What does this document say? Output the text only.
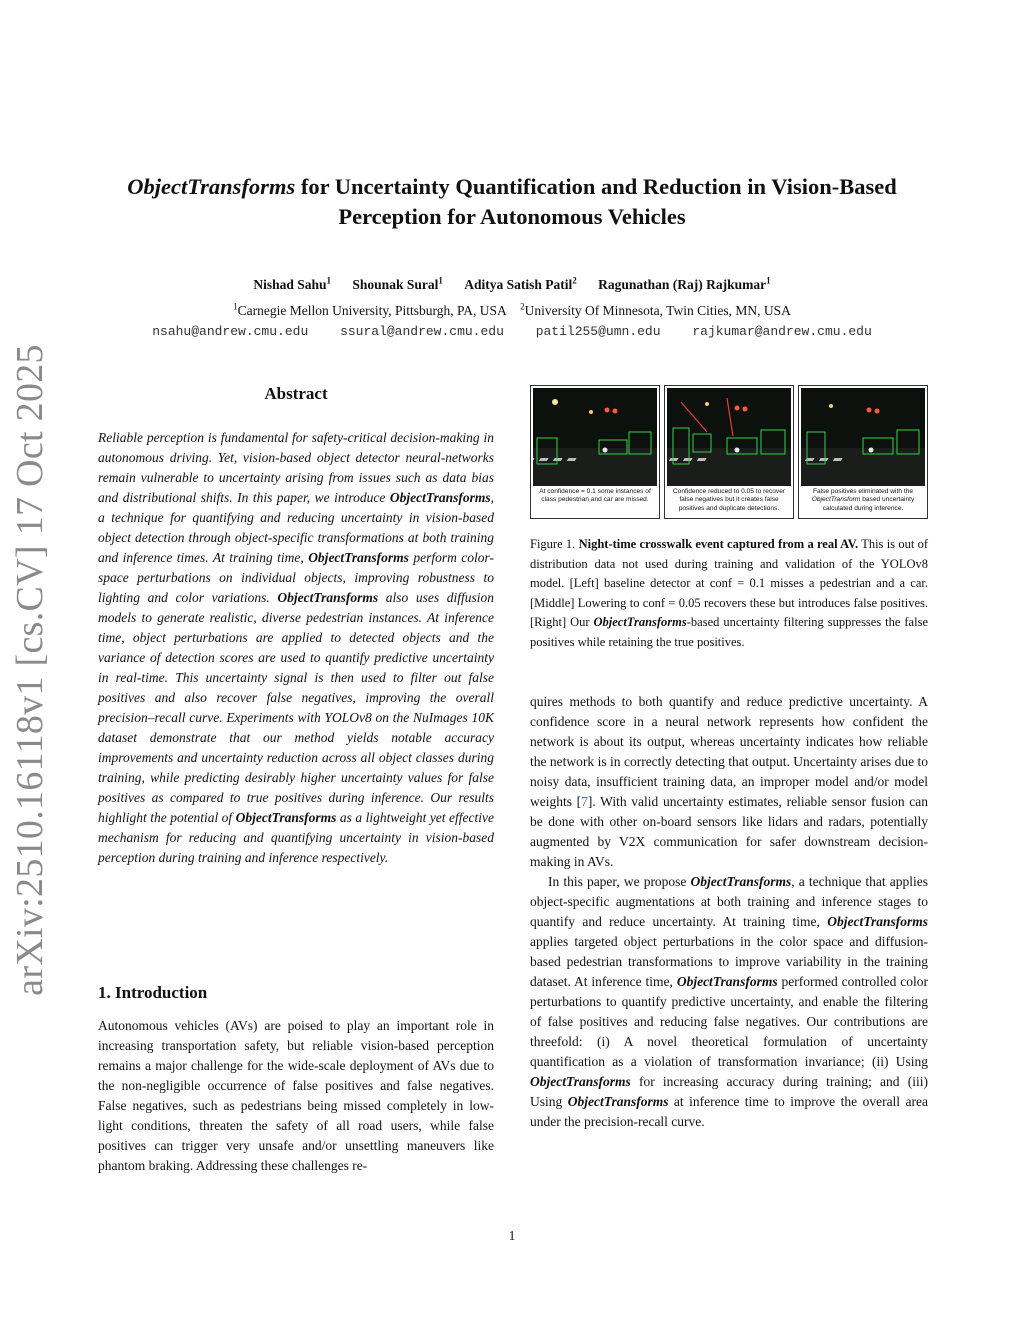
arXiv:2510.16118v1 [cs.CV] 17 Oct 2025
ObjectTransforms for Uncertainty Quantification and Reduction in Vision-Based
Perception for Autonomous Vehicles
Nishad Sahu$^1$ Shounak Sural$^1$ Aditya Satish Patil$^2$ Ragunathan (Raj) Rajkumar$^1$
$^1$Carnegie Mellon University, Pittsburgh, PA, USA $^2$University Of Minnesota, Twin Cities, MN, USA
nsahu@andrew.cmu.edu ssural@andrew.cmu.edu patil255@umn.edu rajkumar@andrew.cmu.edu
Abstract
Reliable perception is fundamental for safety-critical decision-making in autonomous driving. Yet, vision-based object detector neural-networks remain vulnerable to uncertainty arising from issues such as data bias and distributional shifts. In this paper, we introduce ObjectTransforms, a technique for quantifying and reducing uncertainty in vision-based object detection through object-specific transformations at both training and inference times. At training time, ObjectTransforms perform color-space perturbations on individual objects, improving robustness to lighting and color variations. ObjectTransforms also uses diffusion models to generate realistic, diverse pedestrian instances. At inference time, object perturbations are applied to detected objects and the variance of detection scores are used to quantify predictive uncertainty in real-time. This uncertainty signal is then used to filter out false positives and also recover false negatives, improving the overall precision–recall curve. Experiments with YOLOv8 on the NuImages 10K dataset demonstrate that our method yields notable accuracy improvements and uncertainty reduction across all object classes during training, while predicting desirably higher uncertainty values for false positives as compared to true positives during inference. Our results highlight the potential of ObjectTransforms as a lightweight yet effective mechanism for reducing and quantifying uncertainty in vision-based perception during training and inference respectively.
1. Introduction
Autonomous vehicles (AVs) are poised to play an important role in increasing transportation safety, but reliable vision-based perception remains a major challenge for the wide-scale deployment of AVs due to the non-negligible occurrence of false positives and false negatives. False negatives, such as pedestrians being missed completely in low-light conditions, threaten the safety of all road users, while false positives can trigger very unsafe and/or unsettling maneuvers like phantom braking. Addressing these challenges re-
At confidence = 0.1 some instances of class pedestrian and car are missed.
Confidence reduced to 0.05 to recover false negatives but it creates false positives and duplicate detections.
False positives eliminated with the ObjectTransform based uncertainty calculated during inference.
Figure 1. Night-time crosswalk event captured from a real AV. This is out of distribution data not used during training and validation of the YOLOv8 model. [Left] baseline detector at conf = 0.1 misses a pedestrian and a car. [Middle] Lowering to conf = 0.05 recovers these but introduces false positives. [Right] Our ObjectTransforms-based uncertainty filtering suppresses the false positives while retaining the true positives.

quires methods to both quantify and reduce predictive uncertainty. A confidence score in a neural network represents how confident the network is about its output, whereas uncertainty indicates how reliable the network is in correctly detecting that output. Uncertainty arises due to noisy data, insufficient training data, an improper model and/or model weights [7]. With valid uncertainty estimates, reliable sensor fusion can be done with other on-board sensors like lidars and radars, potentially augmented by V2X communication for safer downstream decision-making in AVs.

In this paper, we propose ObjectTransforms, a technique that applies object-specific augmentations at both training and inference stages to quantify and reduce uncertainty. At training time, ObjectTransforms applies targeted object perturbations in the color space and diffusion-based pedestrian transformations to improve variability in the training dataset. At inference time, ObjectTransforms performed controlled color perturbations to quantify predictive uncertainty, and enable the filtering of false positives and reducing false negatives. Our contributions are threefold: (i) A novel theoretical formulation of uncertainty quantification as a violation of transformation invariance; (ii) Using ObjectTransforms for increasing accuracy during training; and (iii) Using ObjectTransforms at inference time to improve the overall area under the precision-recall curve.

1
